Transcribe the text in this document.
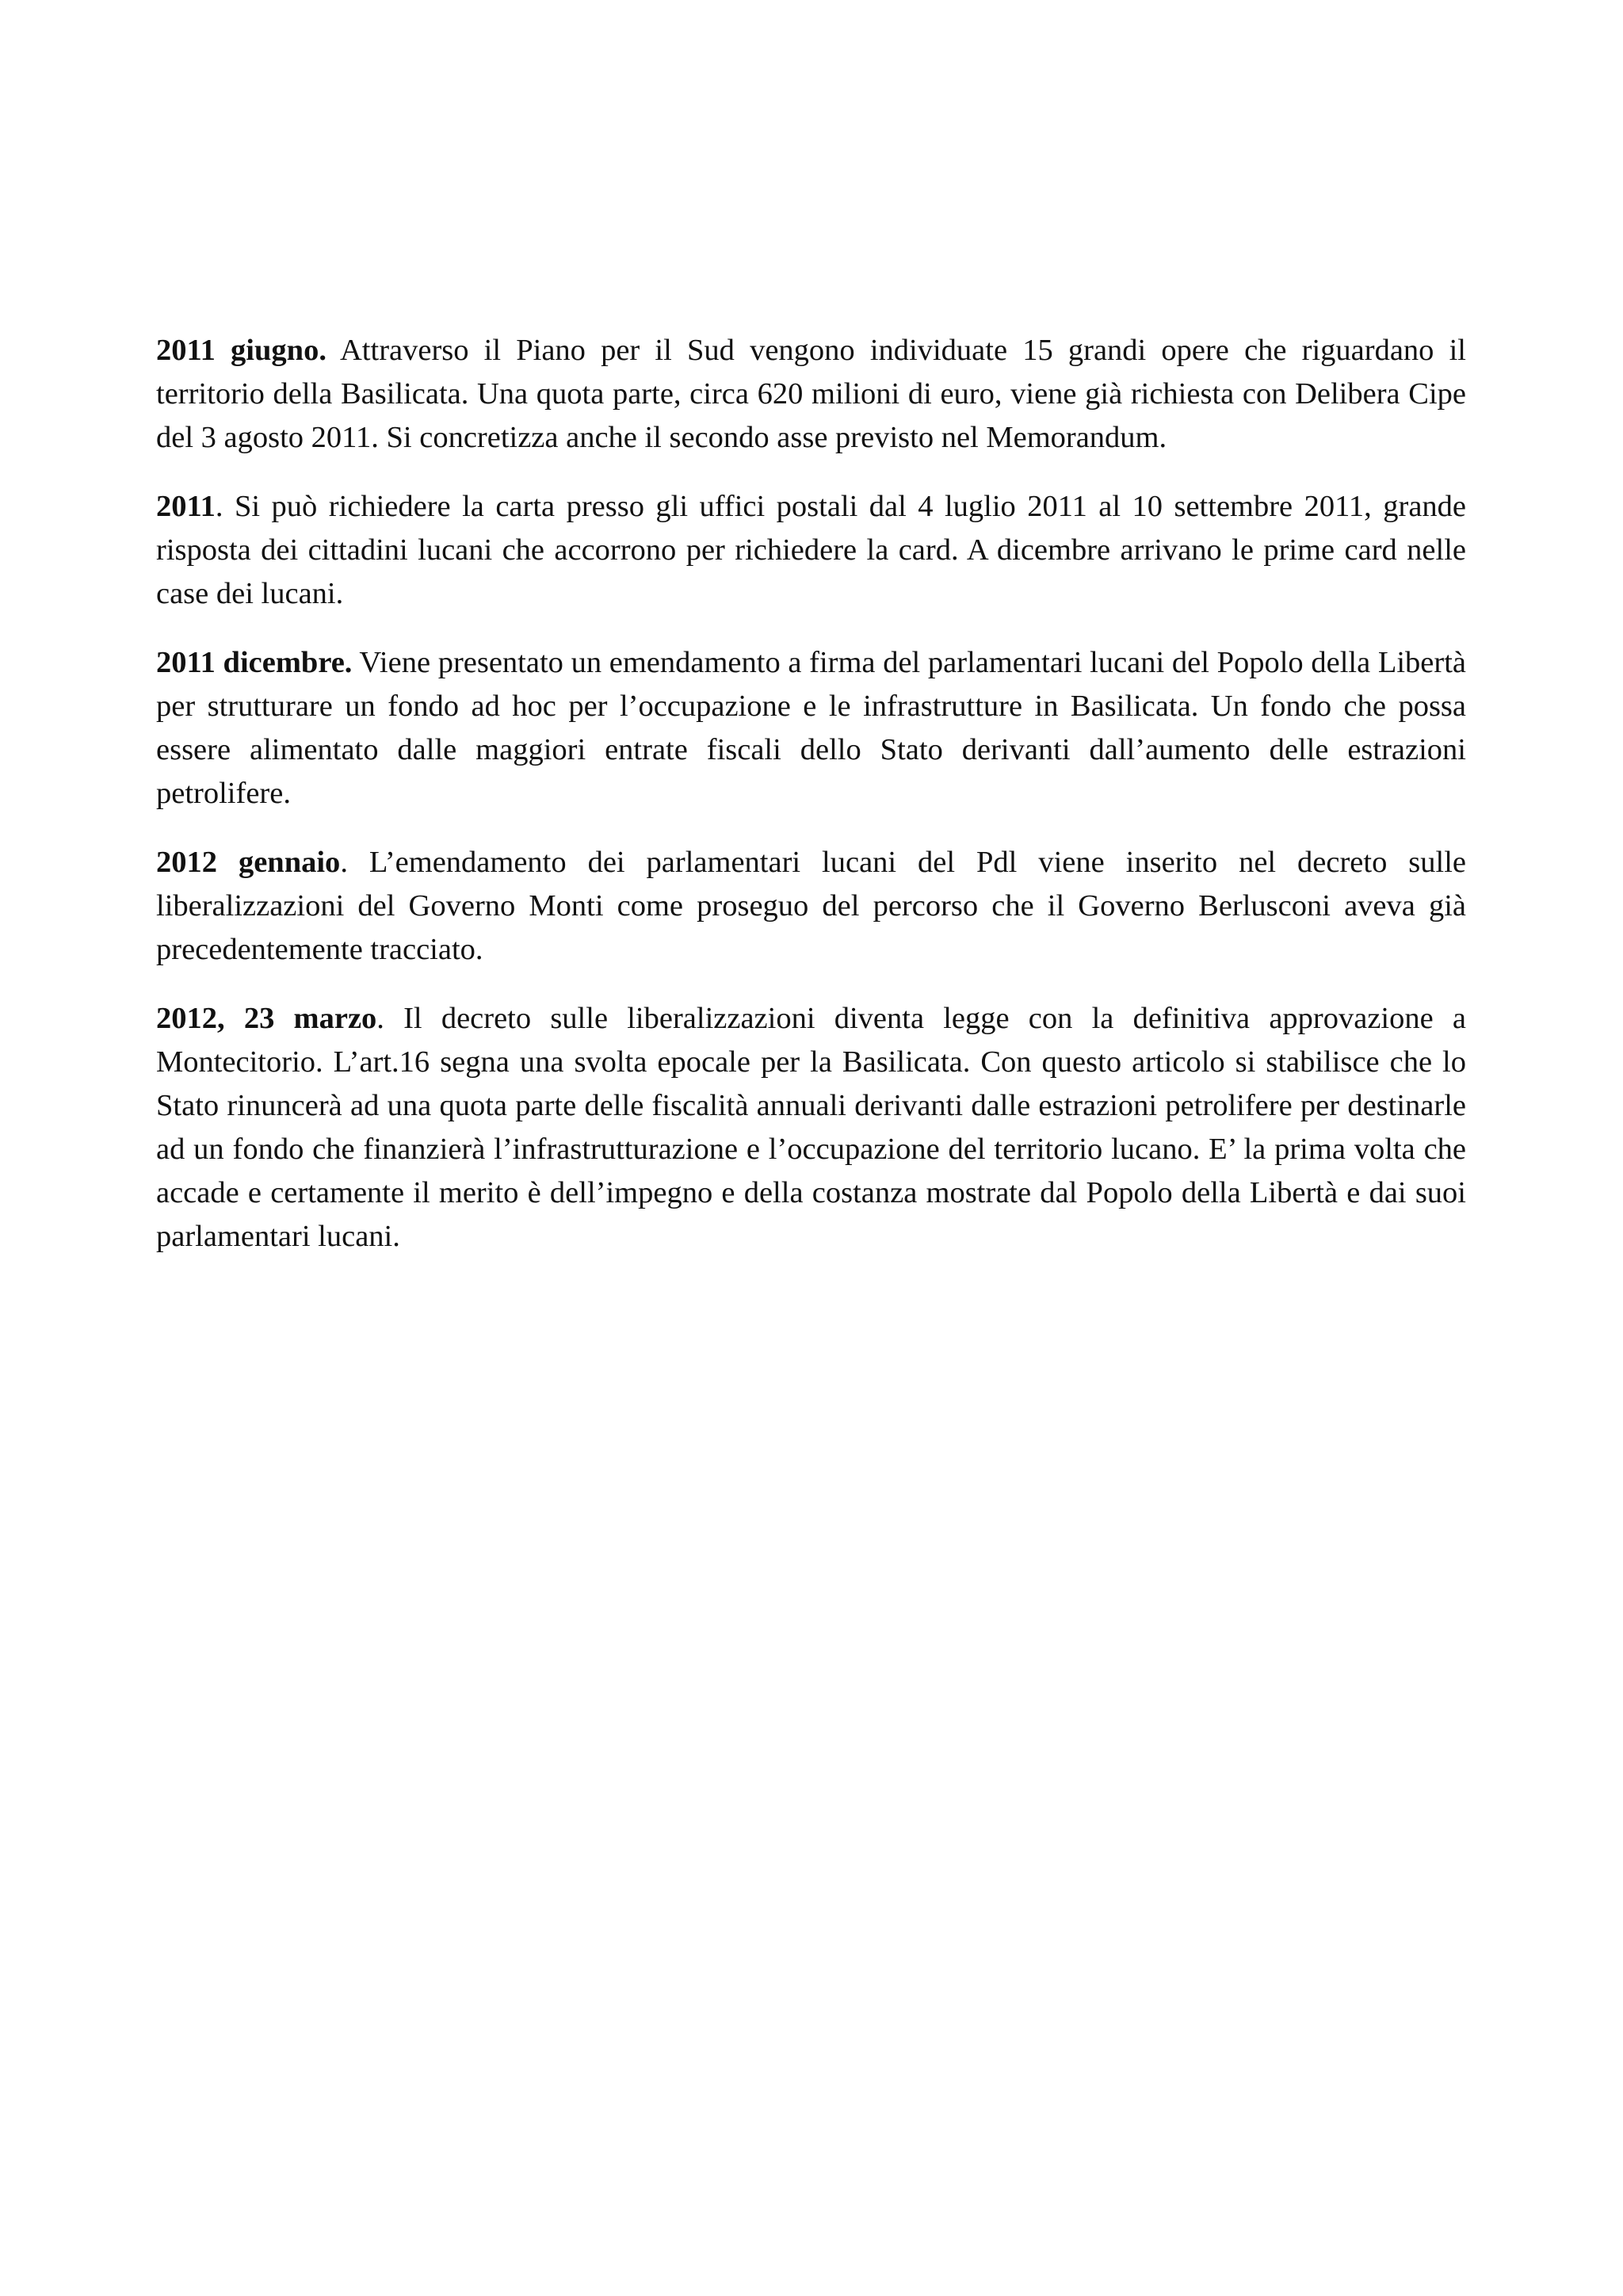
2011 giugno. Attraverso il Piano per il Sud vengono individuate 15 grandi opere che riguardano il territorio della Basilicata. Una quota parte, circa 620 milioni di euro, viene già richiesta con Delibera Cipe del 3 agosto 2011. Si concretizza anche il secondo asse previsto nel Memorandum.

2011. Si può richiedere la carta presso gli uffici postali dal 4 luglio 2011 al 10 settembre 2011, grande risposta dei cittadini lucani che accorrono per richiedere la card. A dicembre arrivano le prime card nelle case dei lucani.

2011 dicembre. Viene presentato un emendamento a firma del parlamentari lucani del Popolo della Libertà per strutturare un fondo ad hoc per l’occupazione e le infrastrutture in Basilicata. Un fondo che possa essere alimentato dalle maggiori entrate fiscali dello Stato derivanti dall’aumento delle estrazioni petrolifere.

2012 gennaio. L’emendamento dei parlamentari lucani del Pdl viene inserito nel decreto sulle liberalizzazioni del Governo Monti come proseguo del percorso che il Governo Berlusconi aveva già precedentemente tracciato.

2012, 23 marzo. Il decreto sulle liberalizzazioni diventa legge con la definitiva approvazione a Montecitorio. L’art.16 segna una svolta epocale per la Basilicata. Con questo articolo si stabilisce che lo Stato rinuncerà ad una quota parte delle fiscalità annuali derivanti dalle estrazioni petrolifere per destinarle ad un fondo che finanzierà l’infrastrutturazione e l’occupazione del territorio lucano. E’ la prima volta che accade e certamente il merito è dell’impegno e della costanza mostrate dal Popolo della Libertà e dai suoi parlamentari lucani.
